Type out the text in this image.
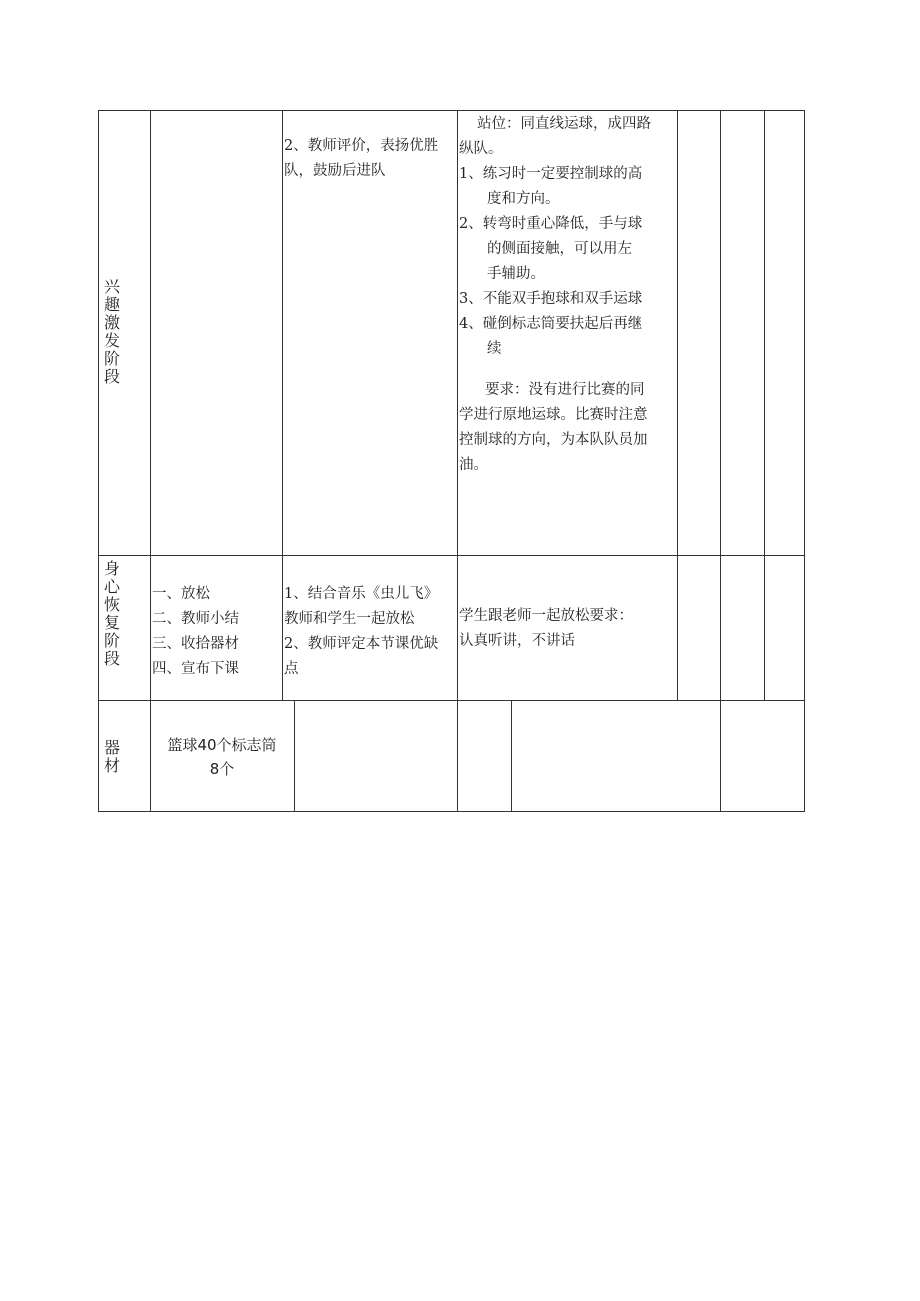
兴趣激发阶段
2、教师评价，表扬优胜
队，鼓励后进队
站位：同直线运球，成四路
纵队。
1、练习时一定要控制球的高
度和方向。
2、转弯时重心降低，手与球
的侧面接触，可以用左
手辅助。
3、不能双手抱球和双手运球
4、碰倒标志筒要扶起后再继
续
要求：没有进行比赛的同
学进行原地运球。比赛时注意
控制球的方向，为本队队员加
油。
身心恢复阶段
一、放松
二、教师小结
三、收拾器材
四、宣布下课
1、结合音乐《虫儿飞》
教师和学生一起放松
2、教师评定本节课优缺
点
学生跟老师一起放松要求：
认真听讲，不讲话
器材
篮球40个标志筒
8个
